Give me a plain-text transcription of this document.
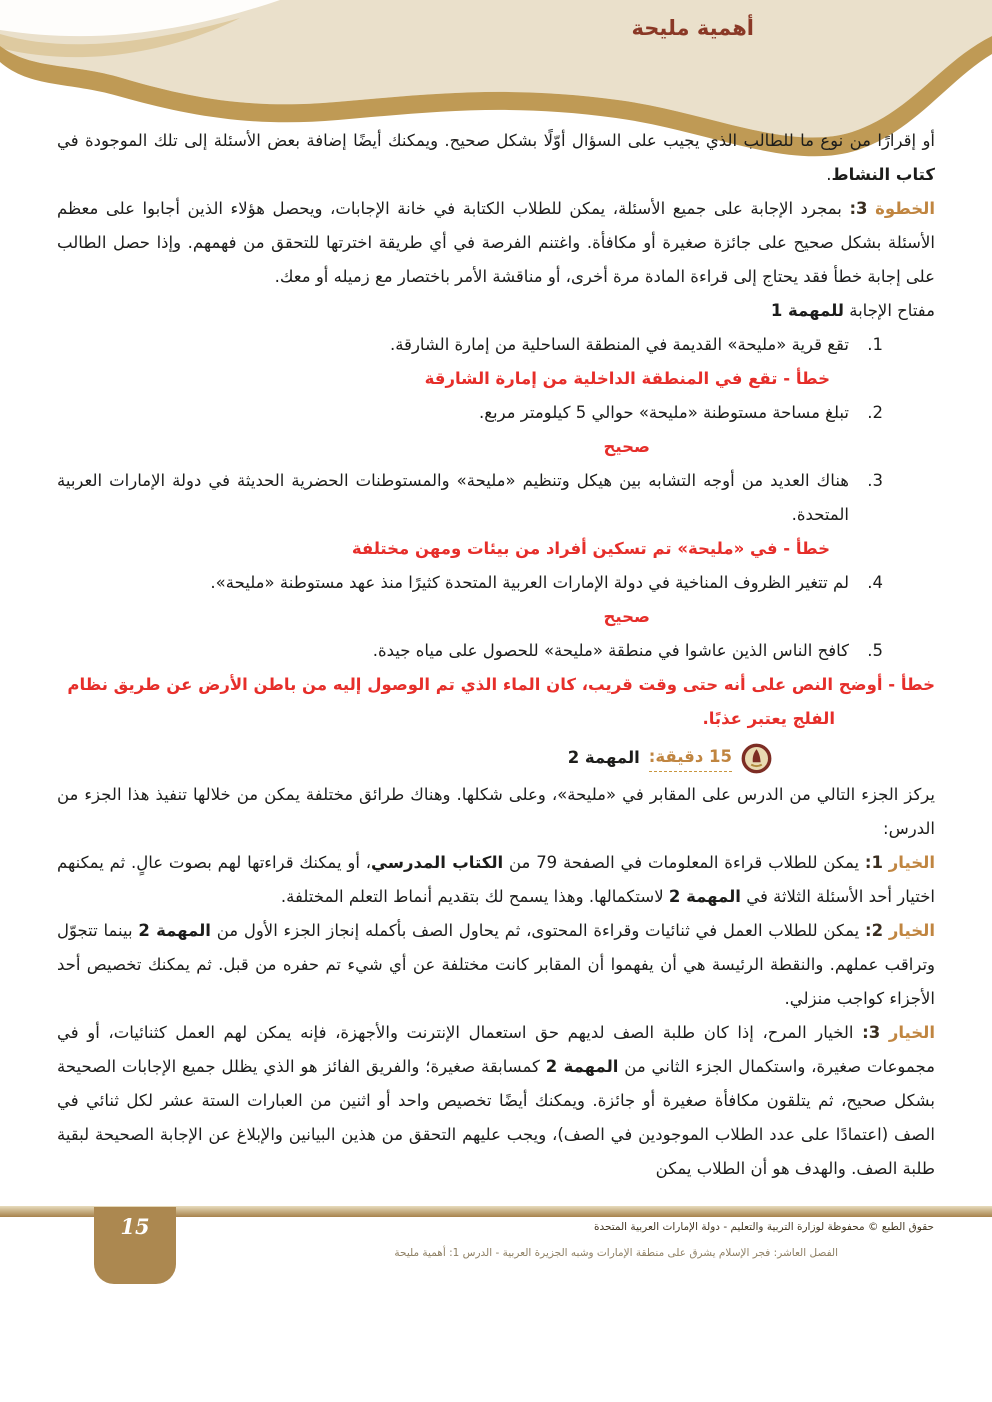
أهمية مليحة

أو إقرارًا من نوع ما للطالب الذي يجيب على السؤال أوّلًا بشكل صحيح. ويمكنك أيضًا إضافة بعض الأسئلة إلى تلك الموجودة في كتاب النشاط.

الخطوة 3: بمجرد الإجابة على جميع الأسئلة، يمكن للطلاب الكتابة في خانة الإجابات، ويحصل هؤلاء الذين أجابوا على معظم الأسئلة بشكل صحيح على جائزة صغيرة أو مكافأة. واغتنم الفرصة في أي طريقة اخترتها للتحقق من فهمهم. وإذا حصل الطالب على إجابة خطأ فقد يحتاج إلى قراءة المادة مرة أخرى، أو مناقشة الأمر باختصار مع زميله أو معك.

مفتاح الإجابة للمهمة 1

1.
تقع قرية «مليحة» القديمة في المنطقة الساحلية من إمارة الشارقة.
خطأ - تقع في المنطقة الداخلية من إمارة الشارقة
2.
تبلغ مساحة مستوطنة «مليحة» حوالي 5 كيلومتر مربع.
صحيح
3.
هناك العديد من أوجه التشابه بين هيكل وتنظيم «مليحة» والمستوطنات الحضرية الحديثة في دولة الإمارات العربية المتحدة.
خطأ - في «مليحة» تم تسكين أفراد من بيئات ومهن مختلفة
4.
لم تتغير الظروف المناخية في دولة الإمارات العربية المتحدة كثيرًا منذ عهد مستوطنة «مليحة».
صحيح
5.
كافح الناس الذين عاشوا في منطقة «مليحة» للحصول على مياه جيدة.
خطأ - أوضح النص على أنه حتى وقت قريب، كان الماء الذي تم الوصول إليه من باطن الأرض عن طريق نظام
الفلج يعتبر عذبًا.
15 دقيقة:
المهمة 2

يركز الجزء التالي من الدرس على المقابر في «مليحة»، وعلى شكلها. وهناك طرائق مختلفة يمكن من خلالها تنفيذ هذا الجزء من الدرس:

الخيار 1: يمكن للطلاب قراءة المعلومات في الصفحة 79 من الكتاب المدرسي، أو يمكنك قراءتها لهم بصوت عالٍ. ثم يمكنهم اختيار أحد الأسئلة الثلاثة في المهمة 2 لاستكمالها. وهذا يسمح لك بتقديم أنماط التعلم المختلفة.

الخيار 2: يمكن للطلاب العمل في ثنائيات وقراءة المحتوى، ثم يحاول الصف بأكمله إنجاز الجزء الأول من المهمة 2 بينما تتجوّل وتراقب عملهم. والنقطة الرئيسة هي أن يفهموا أن المقابر كانت مختلفة عن أي شيء تم حفره من قبل. ثم يمكنك تخصيص أحد الأجزاء كواجب منزلي.

الخيار 3: الخيار المرح، إذا كان طلبة الصف لديهم حق استعمال الإنترنت والأجهزة، فإنه يمكن لهم العمل كثنائيات، أو في مجموعات صغيرة، واستكمال الجزء الثاني من المهمة 2 كمسابقة صغيرة؛ والفريق الفائز هو الذي يظلل جميع الإجابات الصحيحة بشكل صحيح، ثم يتلقون مكافأة صغيرة أو جائزة. ويمكنك أيضًا تخصيص واحد أو اثنين من العبارات الستة عشر لكل ثنائي في الصف (اعتمادًا على عدد الطلاب الموجودين في الصف)، ويجب عليهم التحقق من هذين البيانين والإبلاغ عن الإجابة الصحيحة لبقية طلبة الصف. والهدف هو أن الطلاب يمكن

15	حقوق الطبع © محفوظة لوزارة التربية والتعليم - دولة الإمارات العربية المتحدة
الفصل العاشر: فجر الإسلام يشرق على منطقة الإمارات وشبه الجزيرة العربية - الدرس 1: أهمية مليحة
